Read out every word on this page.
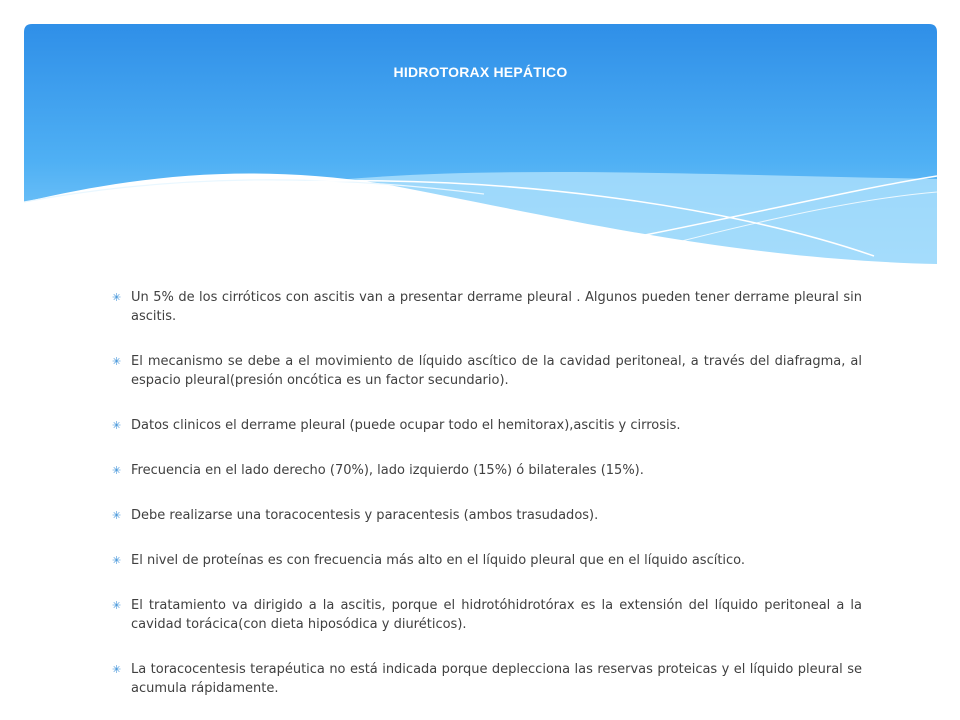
HIDROTORAX HEPÁTICO
✳ Un 5% de los cirróticos con ascitis van a presentar derrame pleural . Algunos pueden tener derrame pleural sin ascitis.
✳ El mecanismo se debe a el movimiento de líquido ascítico de la cavidad peritoneal, a través del diafragma, al espacio pleural(presión oncótica es un factor secundario).
✳ Datos clinicos el derrame pleural (puede ocupar todo el hemitorax),ascitis y cirrosis.
✳ Frecuencia en el lado derecho (70%), lado izquierdo (15%) ó bilaterales (15%).
✳ Debe realizarse una toracocentesis y paracentesis (ambos trasudados).
✳ El nivel de proteínas es con frecuencia más alto en el líquido pleural que en el líquido ascítico.
✳ El tratamiento va dirigido a la ascitis, porque el hidrotóhidrotórax es la extensión del líquido peritoneal a la cavidad torácica(con dieta hiposódica y diuréticos).
✳ La toracocentesis terapéutica no está indicada porque deplecciona las reservas proteicas y el líquido pleural se acumula rápidamente.
